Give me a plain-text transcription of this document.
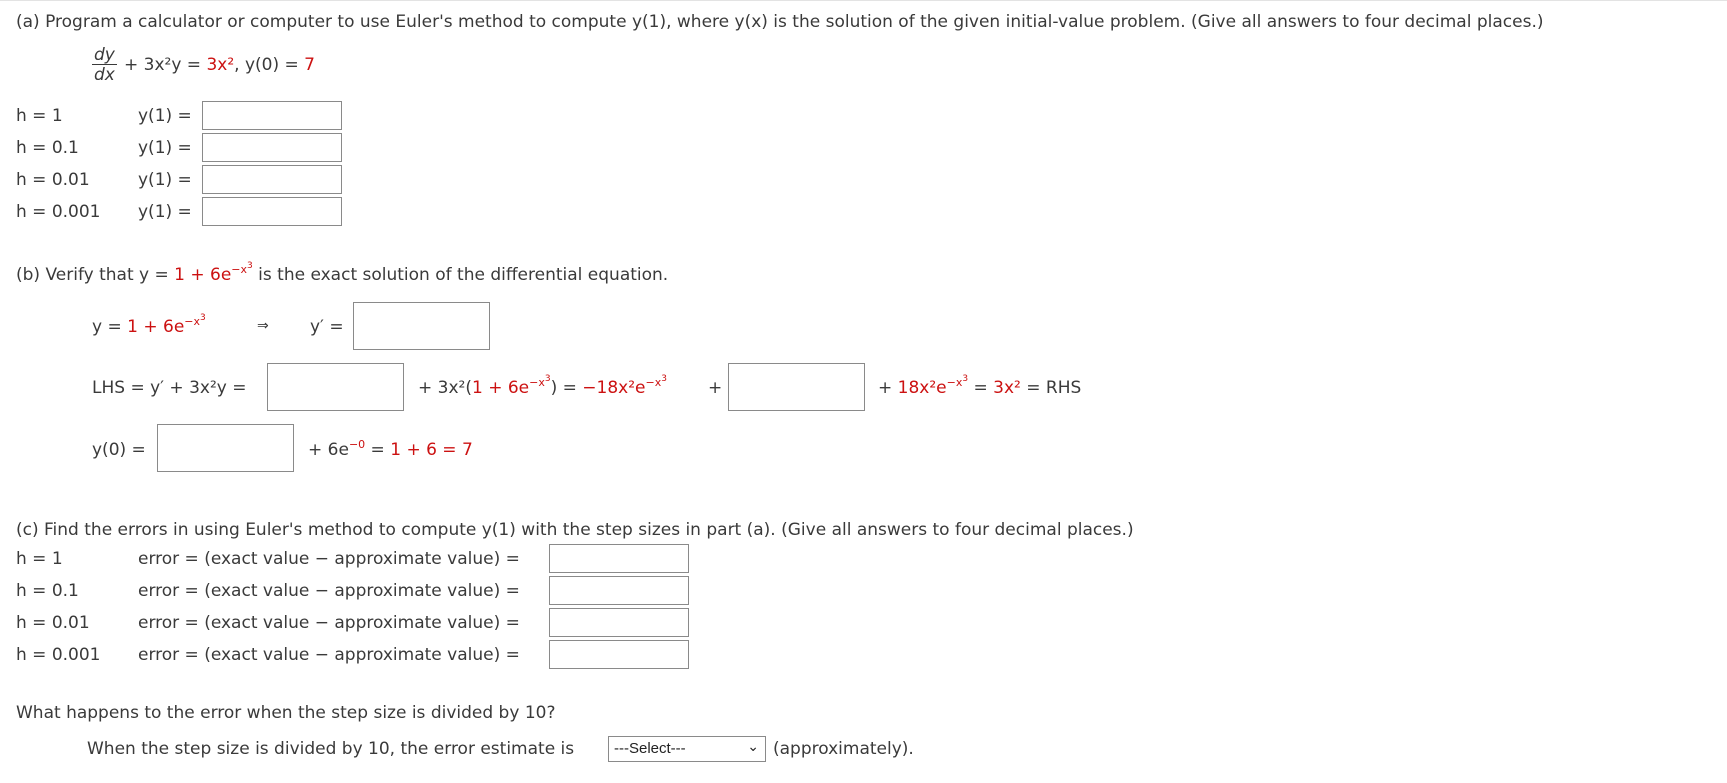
(a) Program a calculator or computer to use Euler's method to compute y(1), where y(x) is the solution of the given initial-value problem. (Give all answers to four decimal places.)
$\frac{dy}{dx} + 3x^2y = 3x^2$, y(0) = 7
h = 1	y(1) =
h = 0.1	y(1) =
h = 0.01	y(1) =
h = 0.001 y(1) =
(b) Verify that $y = 1 + 6e^{-x^3}$ is the exact solution of the differential equation.
$y = 1 + 6e^{-x^3}$	⇒ y′ =
LHS = y′ + 3x²y =	+ $3x^2(1 + 6e^{-x^3}) = -18x^2e^{-x^3}$ +	+ $18x^2e^{-x^3} = 3x^2$ = RHS
y(0) =	+ $6e^{-0} = 1 + 6 = 7$
(c) Find the errors in using Euler's method to compute y(1) with the step sizes in part (a). (Give all answers to four decimal places.)
h = 1	error = (exact value − approximate value) =
h = 0.1	error = (exact value − approximate value) =
h = 0.01	error = (exact value − approximate value) =
h = 0.001 error = (exact value − approximate value) =
What happens to the error when the step size is divided by 10?
When the step size is divided by 10, the error estimate is	---Select---	⌄ (approximately).
